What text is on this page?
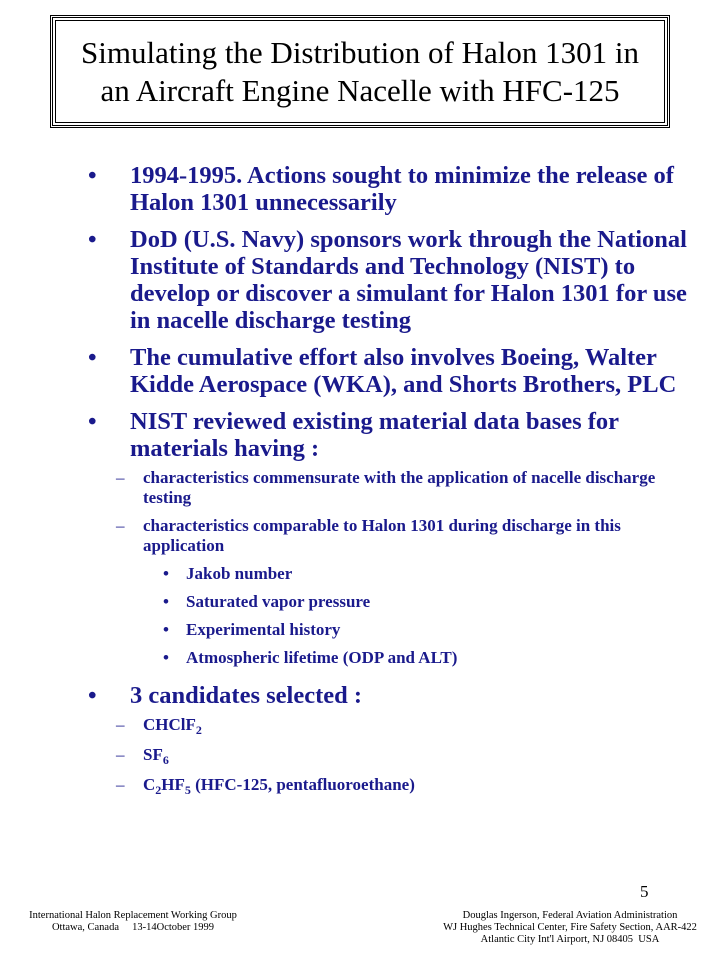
Simulating the Distribution of Halon 1301 in an Aircraft Engine Nacelle with HFC-125
• 1994-1995. Actions sought to minimize the release of Halon 1301 unnecessarily
• DoD (U.S. Navy) sponsors work through the National Institute of Standards and Technology (NIST) to develop or discover a simulant for Halon 1301 for use in nacelle discharge testing
• The cumulative effort also involves Boeing, Walter Kidde Aerospace (WKA), and Shorts Brothers, PLC
• NIST reviewed existing material data bases for materials having :
– characteristics commensurate with the application of nacelle discharge testing
– characteristics comparable to Halon 1301 during discharge in this application
• Jakob number
• Saturated vapor pressure
• Experimental history
• Atmospheric lifetime (ODP and ALT)
• 3 candidates selected :
– CHClF$_2$
– $SF_6$
– $C_2HF_5$ (HFC-125, pentafluoroethane)
5
International Halon Replacement Working Group
Ottawa, Canada     13-14October 1999
Douglas Ingerson, Federal Aviation Administration
WJ Hughes Technical Center, Fire Safety Section, AAR-422
Atlantic City Int'l Airport, NJ 08405  USA
